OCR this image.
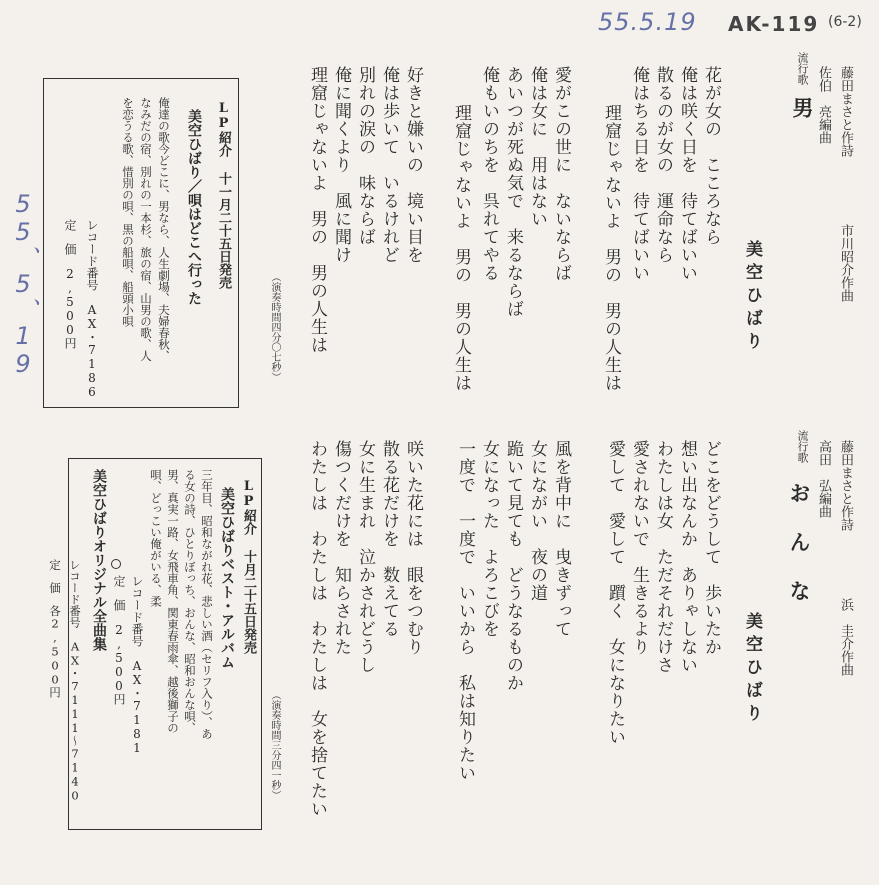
55.5.19 AK-119 (6-2)
55、5、19
流行歌
男 藤田まさと作詩
市川昭介作曲
佐伯　亮編曲
美空ひばり
（演奏時間四分〇七秒）
花が女の　こころなら
俺は咲く日を　待てばいい
散るのが女の　運命なら
俺はちる日を　待てばいい
理窟じゃないよ　男の　男の人生は
愛がこの世に　ないならば
俺は女に　用はない
あいつが死ぬ気で　来るならば
俺もいのちを　呉れてやる
理窟じゃないよ　男の　男の人生は
好きと嫌いの　境い目を
俺は歩いて　いるけれど
別れの涙の　味ならば
俺に聞くより　風に聞け
理窟じゃないよ　男の　男の人生は
流行歌
おんな 藤田まさと作詩
浜　圭介作曲
高田　弘編曲
美空ひばり
（演奏時間三分四一秒）
どこをどうして　歩いたか
想い出なんか　ありゃしない
わたしは女　ただそれだけさ
愛されないで　生きるより
愛して　愛して　躓く　女になりたい
風を背中に　曳きずって
女にながい　夜の道
跪いて見ても　どうなるものか
女になった　よろこびを
一度で　一度で　いいから　私は知りたい
咲いた花には　眼をつむり
散る花だけを　数えてる
女に生まれ　泣かされどうし
傷つくだけを　知らされた
わたしは　わたしは　わたしは　女を捨てたい
LP紹介 十一月二十五日発売
美空ひばり／唄はどこへ行った
俺達の歌今どこに、男なら、人生劇場、夫婦春秋、
なみだの宿、別れの一本杉、旅の宿、山男の歌、人
を恋うる歌、惜別の唄、黒の船唄、船頭小唄
レコード番号　AX・7186
定　価　2,500円
LP紹介 十月二十五日発売
美空ひばりベスト・アルバム
三年目、昭和ながれ花、悲しい酒（セリフ入り）、あ
る女の詩、ひとりぼっち、おんな、昭和おんな唄、
男、真実一路、女飛車角、関東春雨傘、越後獅子の
唄、どっこい俺がいる、柔
レコード番号　AX・7181
定　価　2,500円
美空ひばりオリジナル全曲集
レコード番号　AX・7111〜7140
定　価　各2,500円
